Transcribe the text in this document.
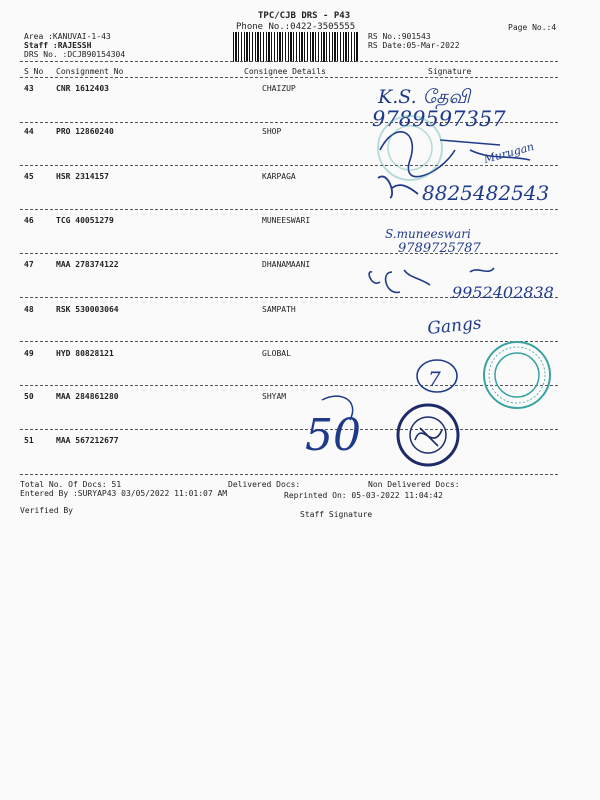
TPC/CJB DRS - P43
Phone No.:0422-3505555
Area :KANUVAI-1-43
Staff :RAJESSH
DRS No. :DCJB90154304
RS No.:901543
RS Date:05-Mar-2022
Page No.:4
S No Consignment No	Consignee Details	Signature
43	CNR 1612403	CHAIZUP
44	PRO 12860240	SHOP
45	HSR 2314157	KARPAGA
46	TCG 40051279	MUNEESWARI
47	MAA 278374122	DHANAMAANI
48	RSK 530003064	SAMPATH
49	HYD 80828121	GLOBAL
50	MAA 284861280	SHYAM
51	MAA 567212677
Total No. Of Docs: 51	Delivered Docs:	Non Delivered Docs:
Entered By :SURYAP43 03/05/2022 11:01:07 AM	Reprinted On: 05-03-2022 11:04:42
Verified By	Staff Signature
K.S. தேவி
9789597357
Murugan
8825482543
S.muneeswari
9789725787
9952402838
Gangs
7
50
